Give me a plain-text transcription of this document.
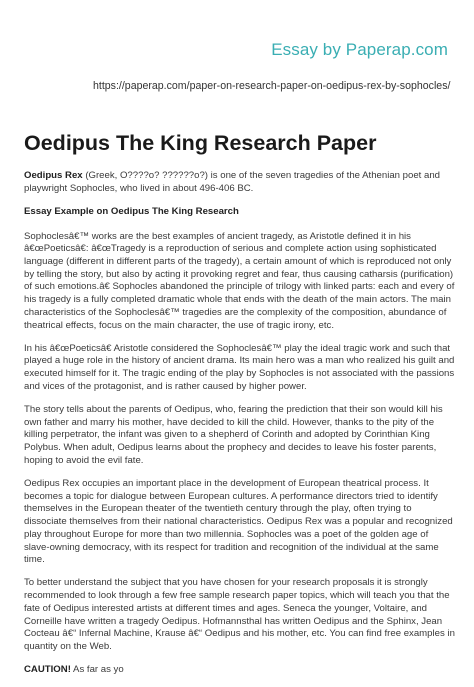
Essay by Paperap.com
https://paperap.com/paper-on-research-paper-on-oedipus-rex-by-sophocles/
Oedipus The King Research Paper

Oedipus Rex (Greek, O????o? ??????o?) is one of the seven tragedies of the Athenian poet and playwright Sophocles, who lived in about 496-406 BC.

Essay Example on Oedipus The King Research

Sophoclesâ€™ works are the best examples of ancient tragedy, as Aristotle defined it in his â€œPoeticsâ€: â€œTragedy is a reproduction of serious and complete action using sophisticated language (different in different parts of the tragedy), a certain amount of which is reproduced not only by telling the story, but also by acting it provoking regret and fear, thus causing catharsis (purification) of such emotions.â€ Sophocles abandoned the principle of trilogy with linked parts: each and every of his tragedy is a fully completed dramatic whole that ends with the death of the main actors. The main characteristics of the Sophoclesâ€™ tragedies are the complexity of the composition, abundance of theatrical effects, focus on the main character, the use of tragic irony, etc.

In his â€œPoeticsâ€ Aristotle considered the Sophoclesâ€™ play the ideal tragic work and such that played a huge role in the history of ancient drama. Its main hero was a man who realized his guilt and executed himself for it. The tragic ending of the play by Sophocles is not associated with the passions and vices of the protagonist, and is rather caused by higher power.

The story tells about the parents of Oedipus, who, fearing the prediction that their son would kill his own father and marry his mother, have decided to kill the child. However, thanks to the pity of the killing perpetrator, the infant was given to a shepherd of Corinth and adopted by Corinthian King Polybus. When adult, Oedipus learns about the prophecy and decides to leave his foster parents, hoping to avoid the evil fate.

Oedipus Rex occupies an important place in the development of European theatrical process. It becomes a topic for dialogue between European cultures. A performance directors tried to identify themselves in the European theater of the twentieth century through the play, often trying to dissociate themselves from their national characteristics. Oedipus Rex was a popular and recognized play throughout Europe for more than two millennia. Sophocles was a poet of the golden age of slave-owning democracy, with its respect for tradition and recognition of the individual at the same time.

To better understand the subject that you have chosen for your research proposals it is strongly recommended to look through a few free sample research paper topics, which will teach you that the fate of Oedipus interested artists at different times and ages. Seneca the younger, Voltaire, and Corneille have written a tragedy Oedipus. Hofmannsthal has written Oedipus and the Sphinx, Jean Cocteau â€“ Infernal Machine, Krause â€“ Oedipus and his mother, etc. You can find free examples in quantity on the Web.

CAUTION! As far as yo
